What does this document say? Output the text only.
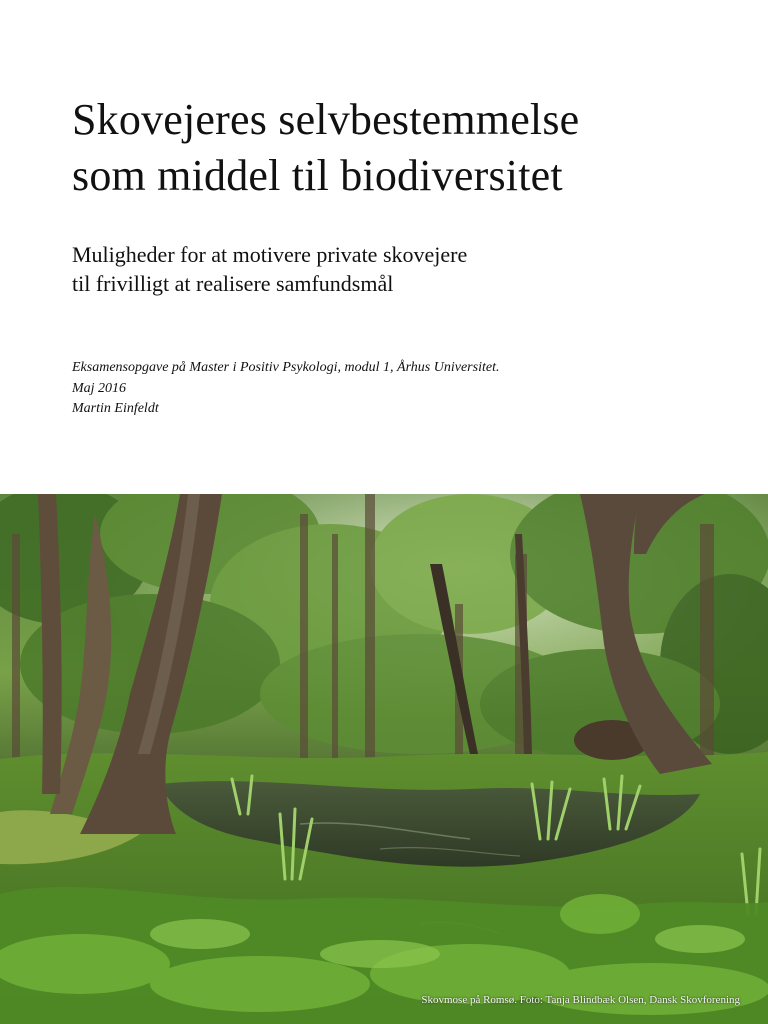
Skovejeres selvbestemmelse
som middel til biodiversitet
Muligheder for at motivere private skovejere
til frivilligt at realisere samfundsmål
Eksamensopgave på Master i Positiv Psykologi, modul 1, Århus Universitet.
Maj 2016
Martin Einfeldt
Skovmose på Romsø. Foto: Tanja Blindbæk Olsen, Dansk Skovforening
